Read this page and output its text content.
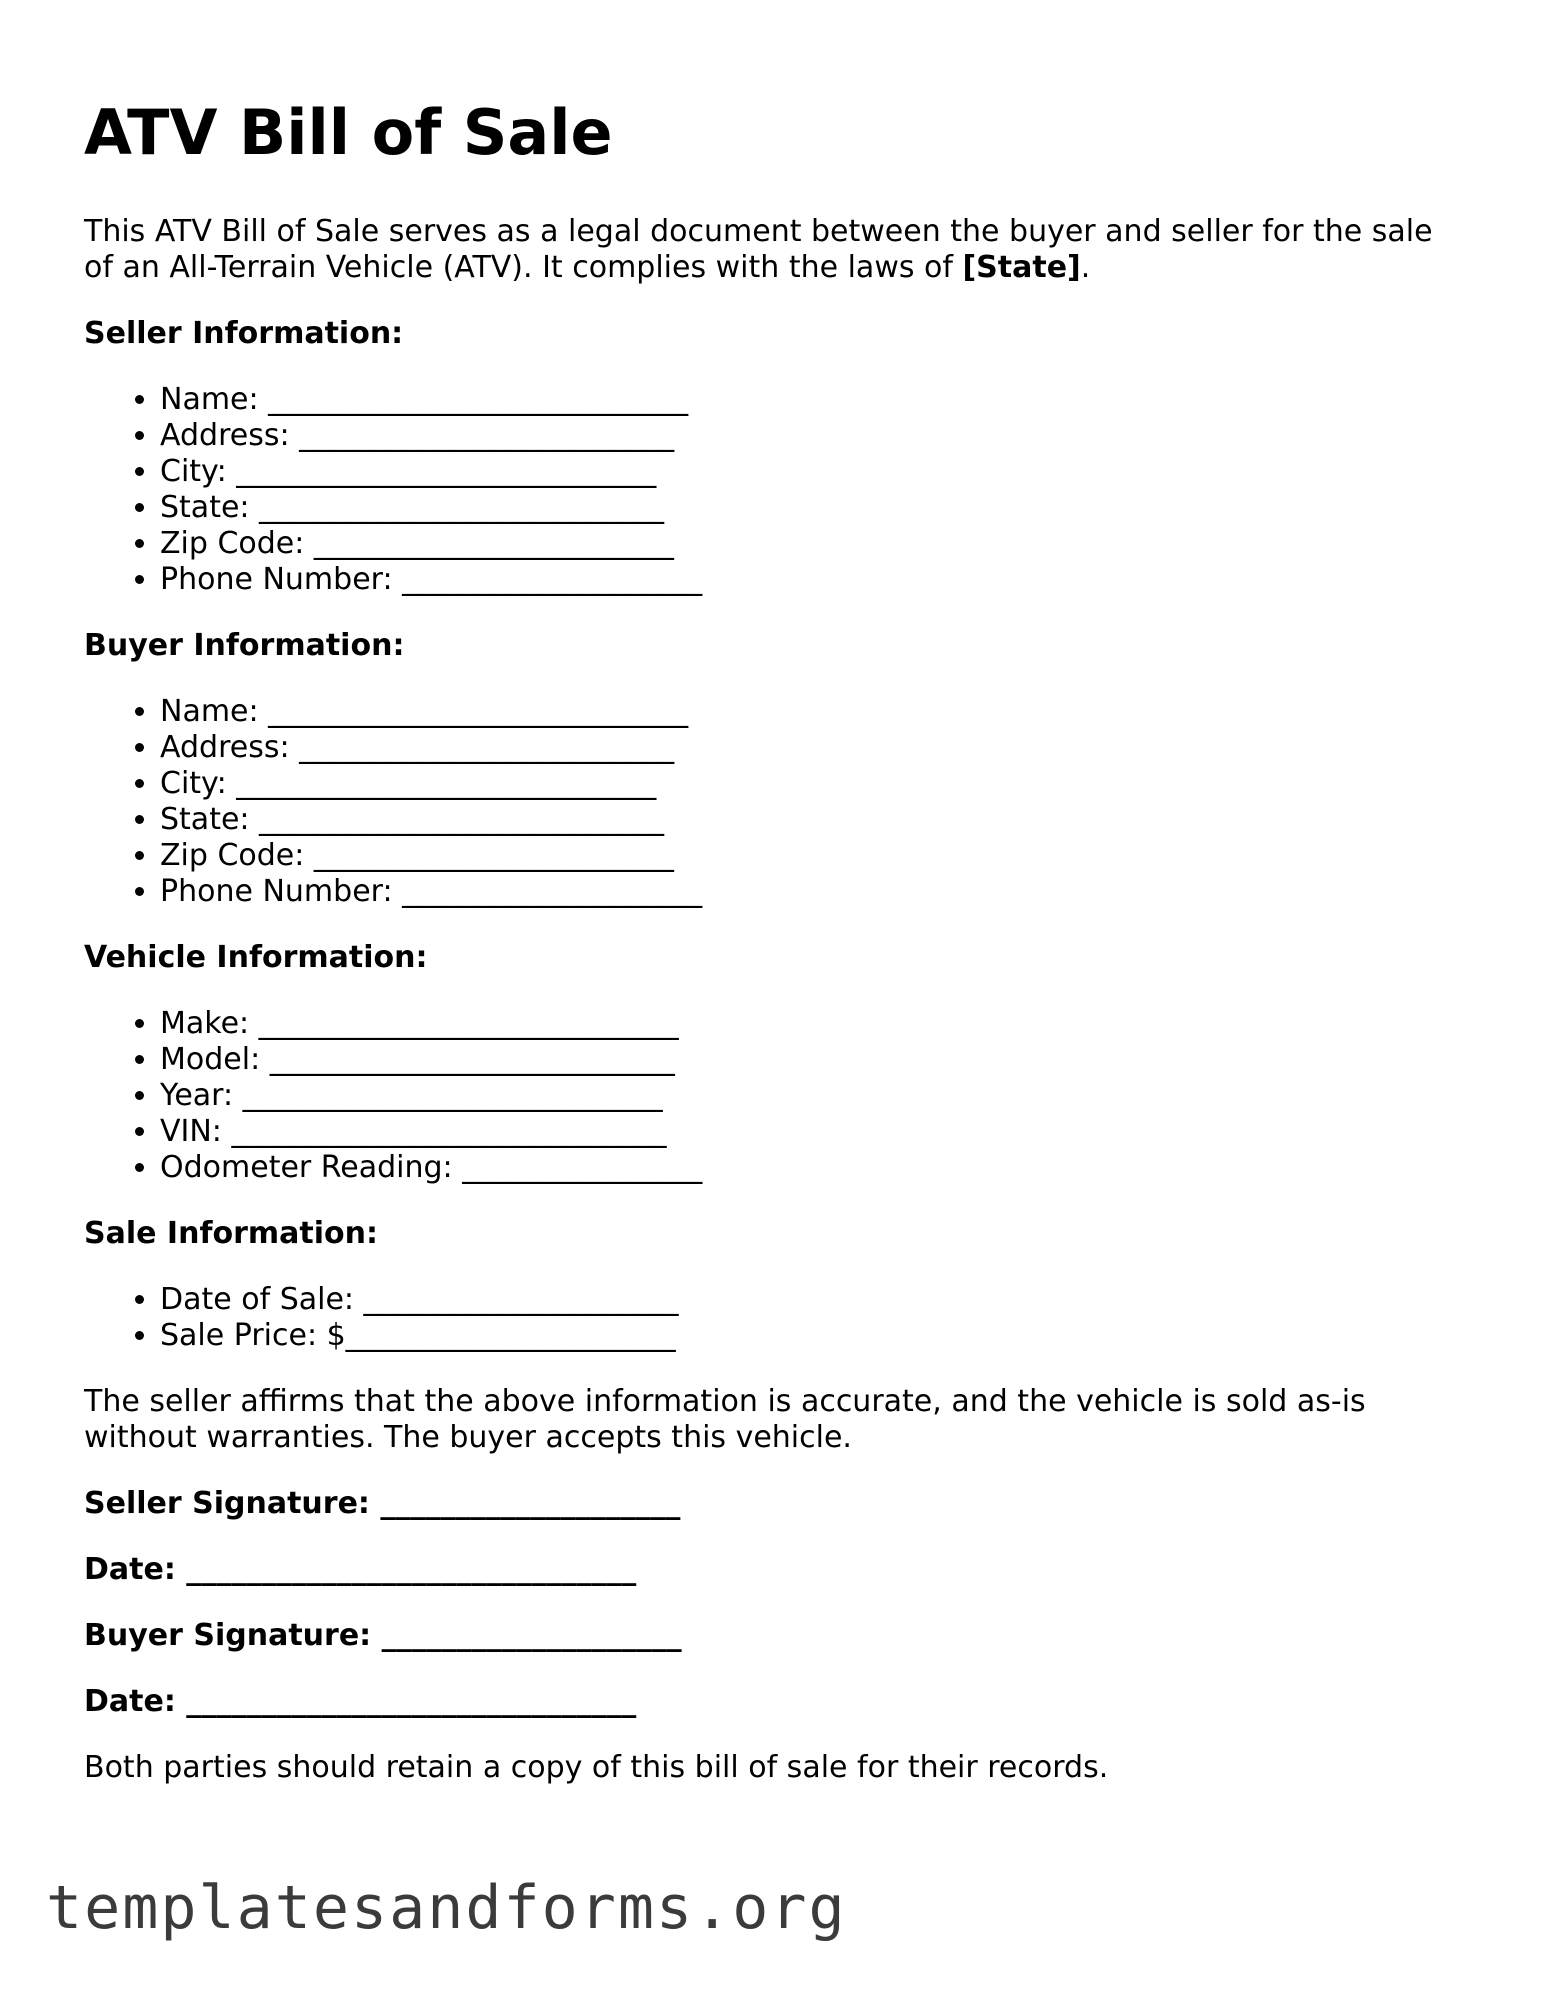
ATV Bill of Sale

This ATV Bill of Sale serves as a legal document between the buyer and seller for the sale of an All-Terrain Vehicle (ATV). It complies with the laws of [State].

Seller Information:

• Name: ____________________________
• Address: _________________________
• City: ____________________________
• State: ___________________________
• Zip Code: ________________________
• Phone Number: ____________________

Buyer Information:

• Name: ____________________________
• Address: _________________________
• City: ____________________________
• State: ___________________________
• Zip Code: ________________________
• Phone Number: ____________________

Vehicle Information:

• Make: ____________________________
• Model: ___________________________
• Year: ____________________________
• VIN: _____________________________
• Odometer Reading: ________________

Sale Information:

• Date of Sale: _____________________
• Sale Price: $______________________

The seller affirms that the above information is accurate, and the vehicle is sold as-is without warranties. The buyer accepts this vehicle.

Seller Signature: ____________________

Date: ______________________________

Buyer Signature: ____________________

Date: ______________________________

Both parties should retain a copy of this bill of sale for their records.

templatesandforms.org
